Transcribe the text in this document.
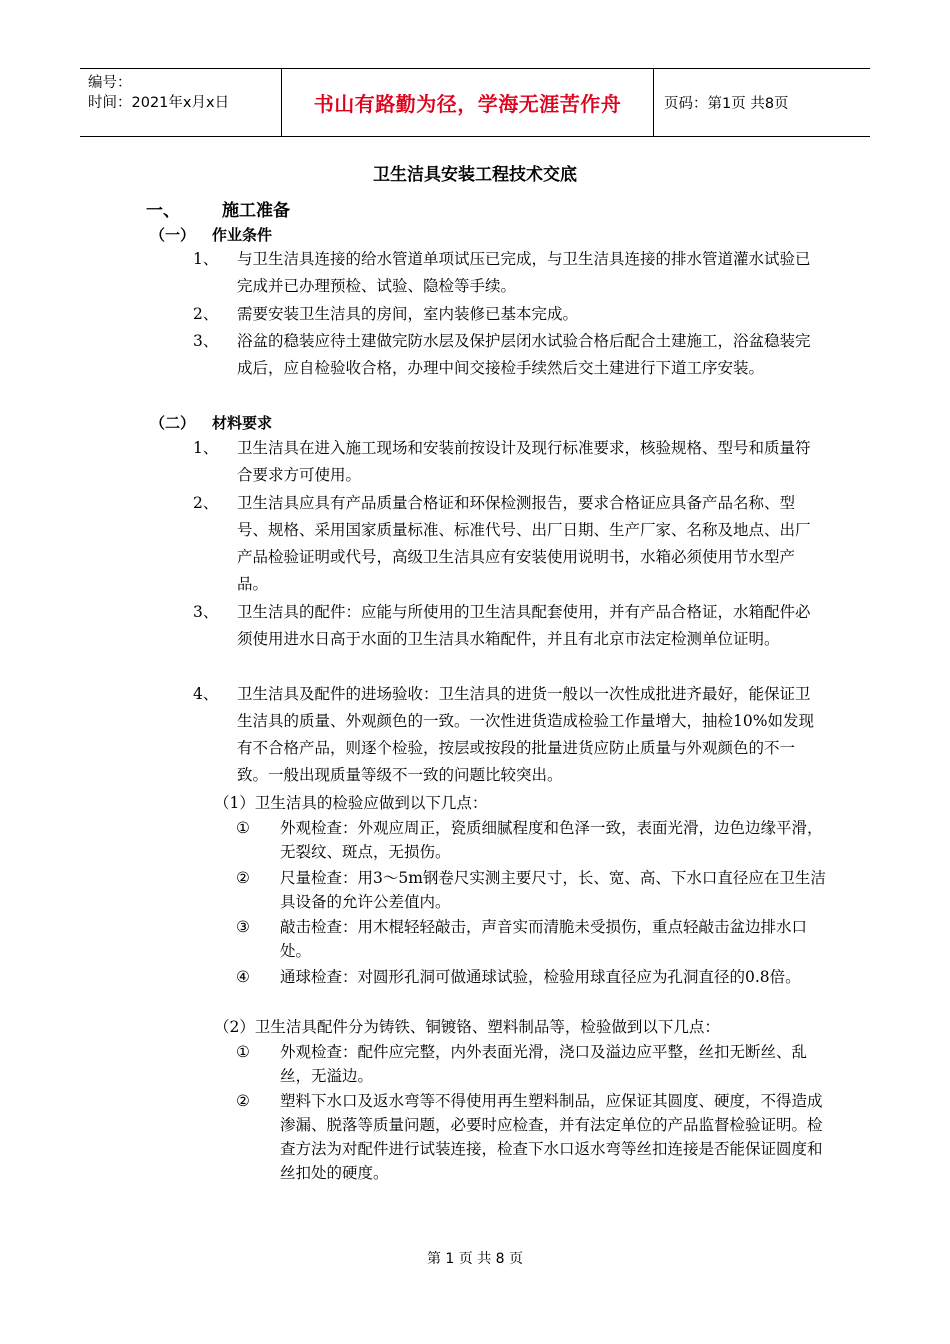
编号：
时间：2021年x月x日	书山有路勤为径，学海无涯苦作舟	页码：第1页 共8页
卫生洁具安装工程技术交底
一、 施工准备
（一） 作业条件
1、 与卫生洁具连接的给水管道单项试压已完成，与卫生洁具连接的排水管道灌水试验已完成并已办理预检、试验、隐检等手续。
2、 需要安装卫生洁具的房间，室内装修已基本完成。
3、 浴盆的稳装应待土建做完防水层及保护层闭水试验合格后配合土建施工，浴盆稳装完成后，应自检验收合格，办理中间交接检手续然后交土建进行下道工序安装。
（二） 材料要求
1、 卫生洁具在进入施工现场和安装前按设计及现行标准要求，核验规格、型号和质量符合要求方可使用。
2、 卫生洁具应具有产品质量合格证和环保检测报告，要求合格证应具备产品名称、型号、规格、采用国家质量标准、标准代号、出厂日期、生产厂家、名称及地点、出厂产品检验证明或代号，高级卫生洁具应有安装使用说明书，水箱必须使用节水型产品。
3、 卫生洁具的配件：应能与所使用的卫生洁具配套使用，并有产品合格证，水箱配件必须使用进水日高于水面的卫生洁具水箱配件，并且有北京市法定检测单位证明。
4、 卫生洁具及配件的进场验收：卫生洁具的进货一般以一次性成批进齐最好，能保证卫生洁具的质量、外观颜色的一致。一次性进货造成检验工作量增大，抽检10%如发现有不合格产品，则逐个检验，按层或按段的批量进货应防止质量与外观颜色的不一致。一般出现质量等级不一致的问题比较突出。
（1）卫生洁具的检验应做到以下几点：
① 外观检查：外观应周正，瓷质细腻程度和色泽一致，表面光滑，边色边缘平滑，无裂纹、斑点，无损伤。
② 尺量检查：用3～5m钢卷尺实测主要尺寸，长、宽、高、下水口直径应在卫生洁具设备的允许公差值内。
③ 敲击检查：用木棍轻轻敲击，声音实而清脆未受损伤，重点轻敲击盆边排水口处。
④ 通球检查：对圆形孔洞可做通球试验，检验用球直径应为孔洞直径的0.8倍。
（2）卫生洁具配件分为铸铁、铜镀铬、塑料制品等，检验做到以下几点：
① 外观检查：配件应完整，内外表面光滑，浇口及溢边应平整，丝扣无断丝、乱丝，无溢边。
② 塑料下水口及返水弯等不得使用再生塑料制品，应保证其圆度、硬度，不得造成渗漏、脱落等质量问题，必要时应检查，并有法定单位的产品监督检验证明。检查方法为对配件进行试装连接，检查下水口返水弯等丝扣连接是否能保证圆度和丝扣处的硬度。
第 1 页 共 8 页
